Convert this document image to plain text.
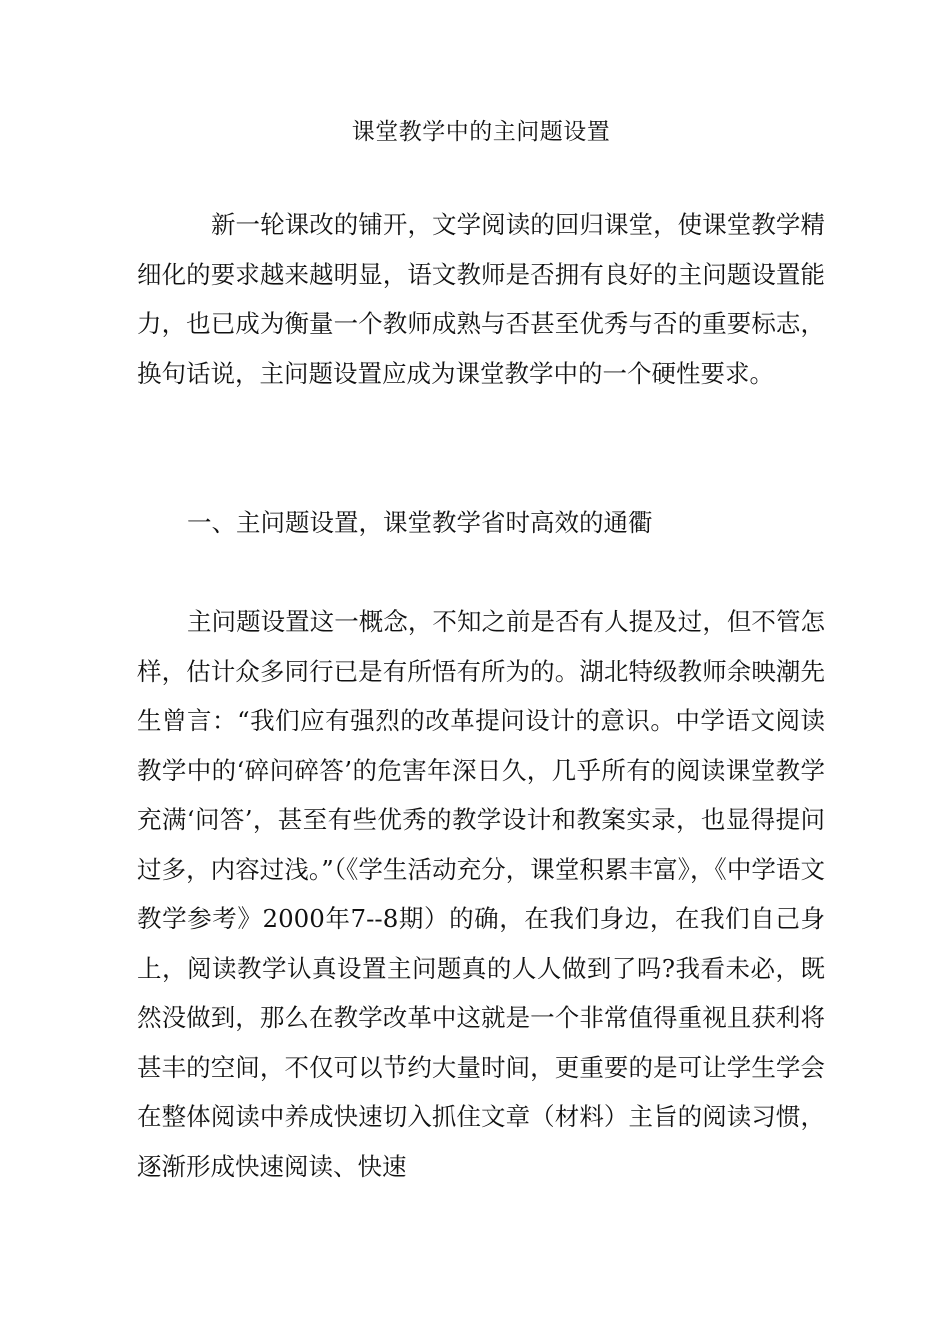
课堂教学中的主问题设置

新一轮课改的铺开，文学阅读的回归课堂，使课堂教学精细化的要求越来越明显，语文教师是否拥有良好的主问题设置能力，也已成为衡量一个教师成熟与否甚至优秀与否的重要标志，换句话说，主问题设置应成为课堂教学中的一个硬性要求。

一、主问题设置，课堂教学省时高效的通衢

主问题设置这一概念，不知之前是否有人提及过，但不管怎样，估计众多同行已是有所悟有所为的。湖北特级教师余映潮先生曾言：“我们应有强烈的改革提问设计的意识。中学语文阅读教学中的‘碎问碎答’的危害年深日久，几乎所有的阅读课堂教学充满‘问答’，甚至有些优秀的教学设计和教案实录，也显得提问过多，内容过浅。”（《学生活动充分，课堂积累丰富》，《中学语文教学参考》2000年7--8期）的确，在我们身边，在我们自己身上，阅读教学认真设置主问题真的人人做到了吗?我看未必，既然没做到，那么在教学改革中这就是一个非常值得重视且获利将甚丰的空间，不仅可以节约大量时间，更重要的是可让学生学会在整体阅读中养成快速切入抓住文章（材料）主旨的阅读习惯，逐渐形成快速阅读、快速
